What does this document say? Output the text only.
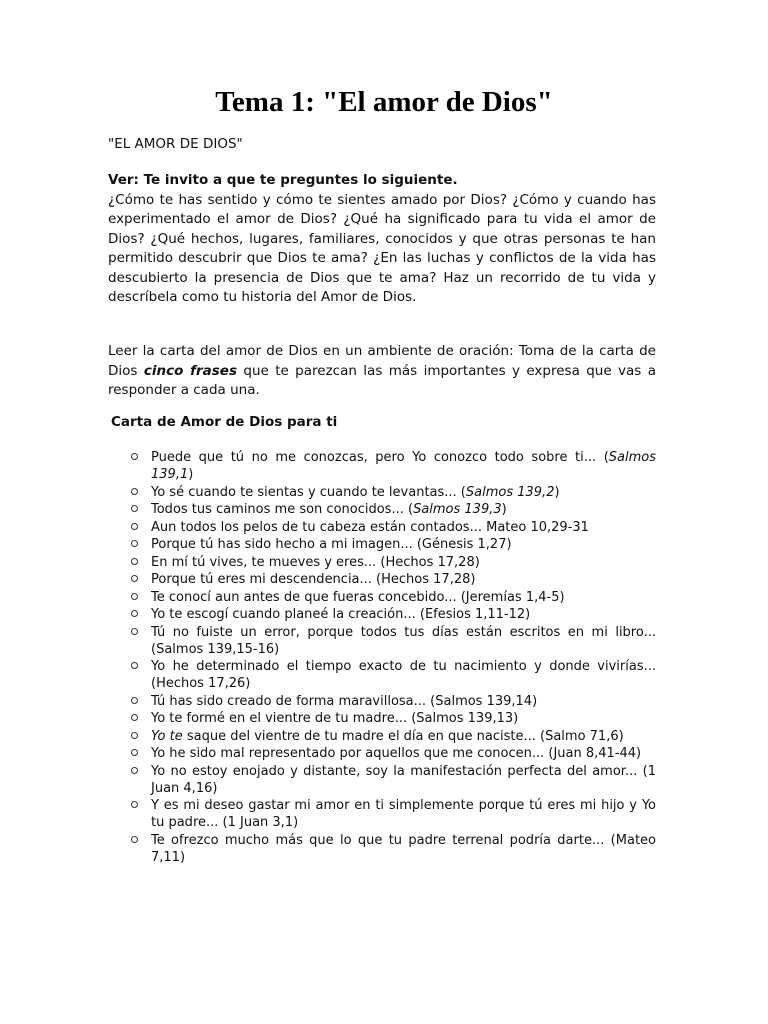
Tema 1: "El amor de Dios"
"EL AMOR DE DIOS"
Ver: Te invito a que te preguntes lo siguiente.
¿Cómo te has sentido y cómo te sientes amado por Dios? ¿Cómo y cuando has experimentado el amor de Dios? ¿Qué ha significado para tu vida el amor de Dios? ¿Qué hechos, lugares, familiares, conocidos y que otras personas te han permitido descubrir que Dios te ama? ¿En las luchas y conflictos de la vida has descubierto la presencia de Dios que te ama? Haz un recorrido de tu vida y descríbela como tu historia del Amor de Dios.
Leer la carta del amor de Dios en un ambiente de oración: Toma de la carta de Dios cinco frases que te parezcan las más importantes y expresa que vas a responder a cada una.
Carta de Amor de Dios para ti
Puede que tú no me conozcas, pero Yo conozco todo sobre ti... (Salmos 139,1)
Yo sé cuando te sientas y cuando te levantas... (Salmos 139,2)
Todos tus caminos me son conocidos... (Salmos 139,3)
Aun todos los pelos de tu cabeza están contados... Mateo 10,29-31
Porque tú has sido hecho a mi imagen... (Génesis 1,27)
En mí tú vives, te mueves y eres... (Hechos 17,28)
Porque tú eres mi descendencia... (Hechos 17,28)
Te conocí aun antes de que fueras concebido... (Jeremías 1,4-5)
Yo te escogí cuando planeé la creación... (Efesios 1,11-12)
Tú no fuiste un error, porque todos tus días están escritos en mi libro... (Salmos 139,15-16)
Yo he determinado el tiempo exacto de tu nacimiento y donde vivirías... (Hechos 17,26)
Tú has sido creado de forma maravillosa... (Salmos 139,14)
Yo te formé en el vientre de tu madre... (Salmos 139,13)
Yo te saque del vientre de tu madre el día en que naciste... (Salmo 71,6)
Yo he sido mal representado por aquellos que me conocen... (Juan 8,41-44)
Yo no estoy enojado y distante, soy la manifestación perfecta del amor... (1 Juan 4,16)
Y es mi deseo gastar mi amor en ti simplemente porque tú eres mi hijo y Yo tu padre... (1 Juan 3,1)
Te ofrezco mucho más que lo que tu padre terrenal podría darte... (Mateo 7,11)
